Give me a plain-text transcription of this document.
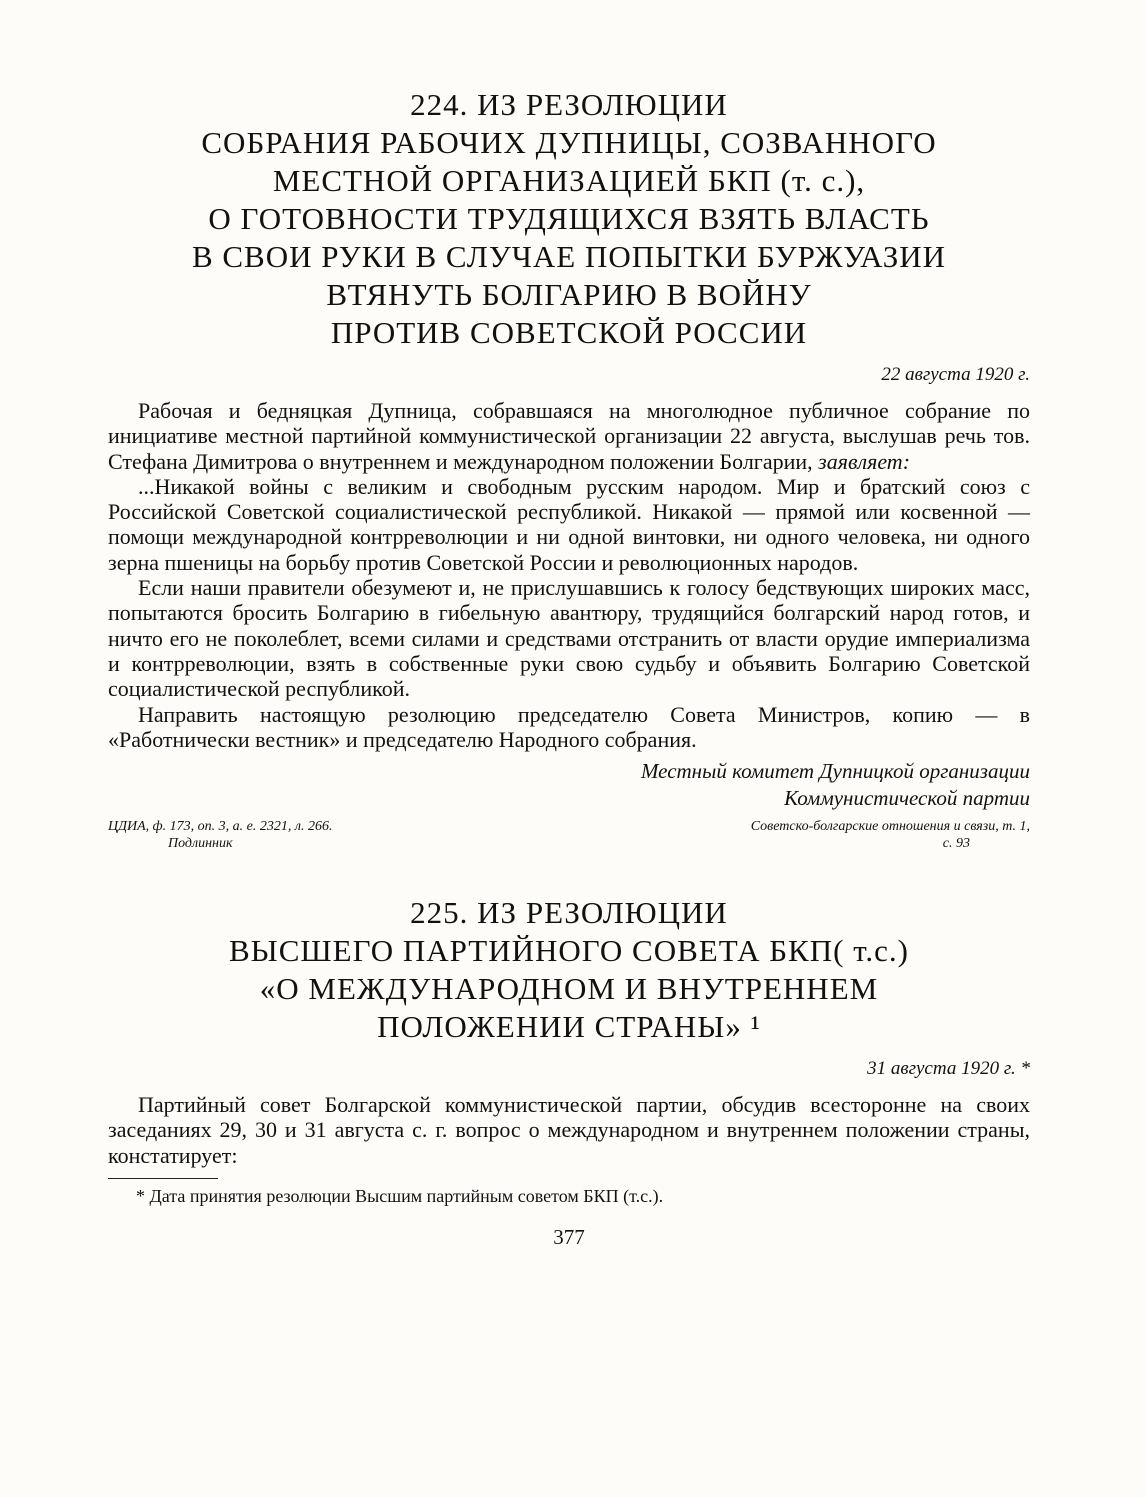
224. ИЗ РЕЗОЛЮЦИИ
СОБРАНИЯ РАБОЧИХ ДУПНИЦЫ, СОЗВАННОГО
МЕСТНОЙ ОРГАНИЗАЦИЕЙ БКП (т. с.),
О ГОТОВНОСТИ ТРУДЯЩИХСЯ ВЗЯТЬ ВЛАСТЬ
В СВОИ РУКИ В СЛУЧАЕ ПОПЫТКИ БУРЖУАЗИИ
ВТЯНУТЬ БОЛГАРИЮ В ВОЙНУ
ПРОТИВ СОВЕТСКОЙ РОССИИ
22 августа 1920 г.

Рабочая и бедняцкая Дупница, собравшаяся на многолюдное публичное собрание по инициативе местной партийной коммунистической организации 22 августа, выслушав речь тов. Стефана Димитрова о внутреннем и международном положении Болгарии, заявляет:

...Никакой войны с великим и свободным русским народом. Мир и братский союз с Российской Советской социалистической республикой. Никакой — прямой или косвенной — помощи международной контрреволюции и ни одной винтовки, ни одного человека, ни одного зерна пшеницы на борьбу против Советской России и революционных народов.

Если наши правители обезумеют и, не прислушавшись к голосу бедствующих широких масс, попытаются бросить Болгарию в гибельную авантюру, трудящийся болгарский народ готов, и ничто его не поколеблет, всеми силами и средствами отстранить от власти орудие империализма и контрреволюции, взять в собственные руки свою судьбу и объявить Болгарию Советской социалистической республикой.

Направить настоящую резолюцию председателю Совета Министров, копию — в «Работнически вестник» и председателю Народного собрания.

Местный комитет Дупницкой организации
Коммунистической партии
ЦДИА, ф. 173, оп. 3, а. е. 2321, л. 266.
Подлинник
Советско-болгарские отношения и связи, т. 1,
с. 93
225. ИЗ РЕЗОЛЮЦИИ
ВЫСШЕГО ПАРТИЙНОГО СОВЕТА БКП( т.с.)
«О МЕЖДУНАРОДНОМ И ВНУТРЕННЕМ
ПОЛОЖЕНИИ СТРАНЫ» ¹
31 августа 1920 г. *

Партийный совет Болгарской коммунистической партии, обсудив всесторонне на своих заседаниях 29, 30 и 31 августа с. г. вопрос о международном и внутреннем положении страны, констатирует:

* Дата принятия резолюции Высшим партийным советом БКП (т.с.).
377
